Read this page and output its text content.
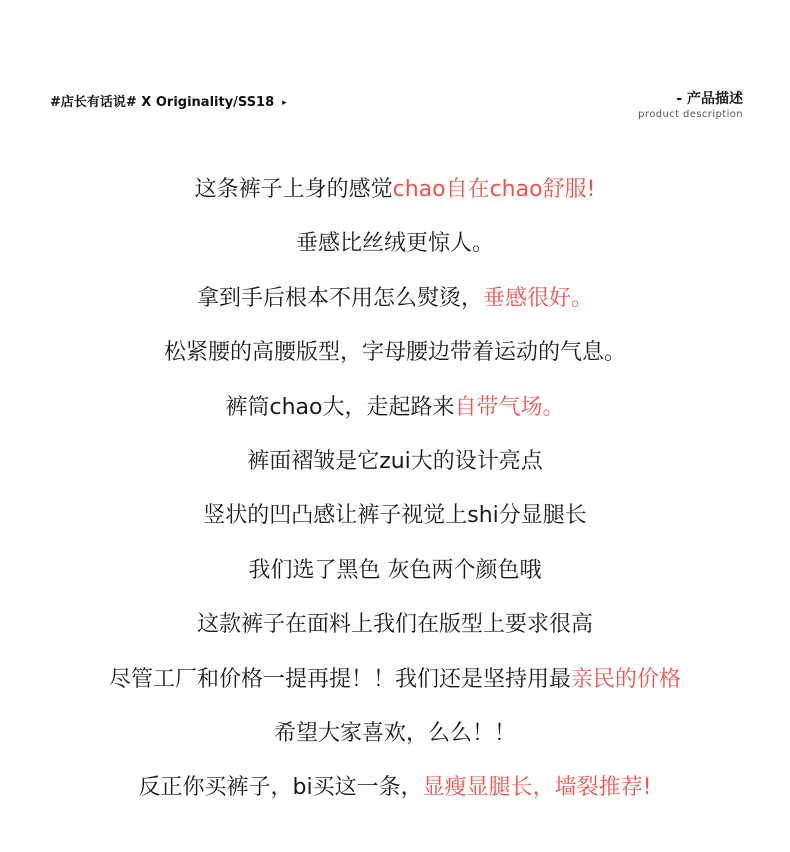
#店长有话说# X Originality/SS18 ▸	- 产品描述
product description
这条裤子上身的感觉chao自在chao舒服!
垂感比丝绒更惊人。
拿到手后根本不用怎么熨烫，垂感很好。
松紧腰的高腰版型，字母腰边带着运动的气息。
裤筒chao大，走起路来自带气场。
裤面褶皱是它zui大的设计亮点
竖状的凹凸感让裤子视觉上shi分显腿长
我们选了黑色 灰色两个颜色哦
这款裤子在面料上我们在版型上要求很高
尽管工厂和价格一提再提！！我们还是坚持用最亲民的价格
希望大家喜欢，么么！！
反正你买裤子，bi买这一条，显瘦显腿长，墙裂推荐!
